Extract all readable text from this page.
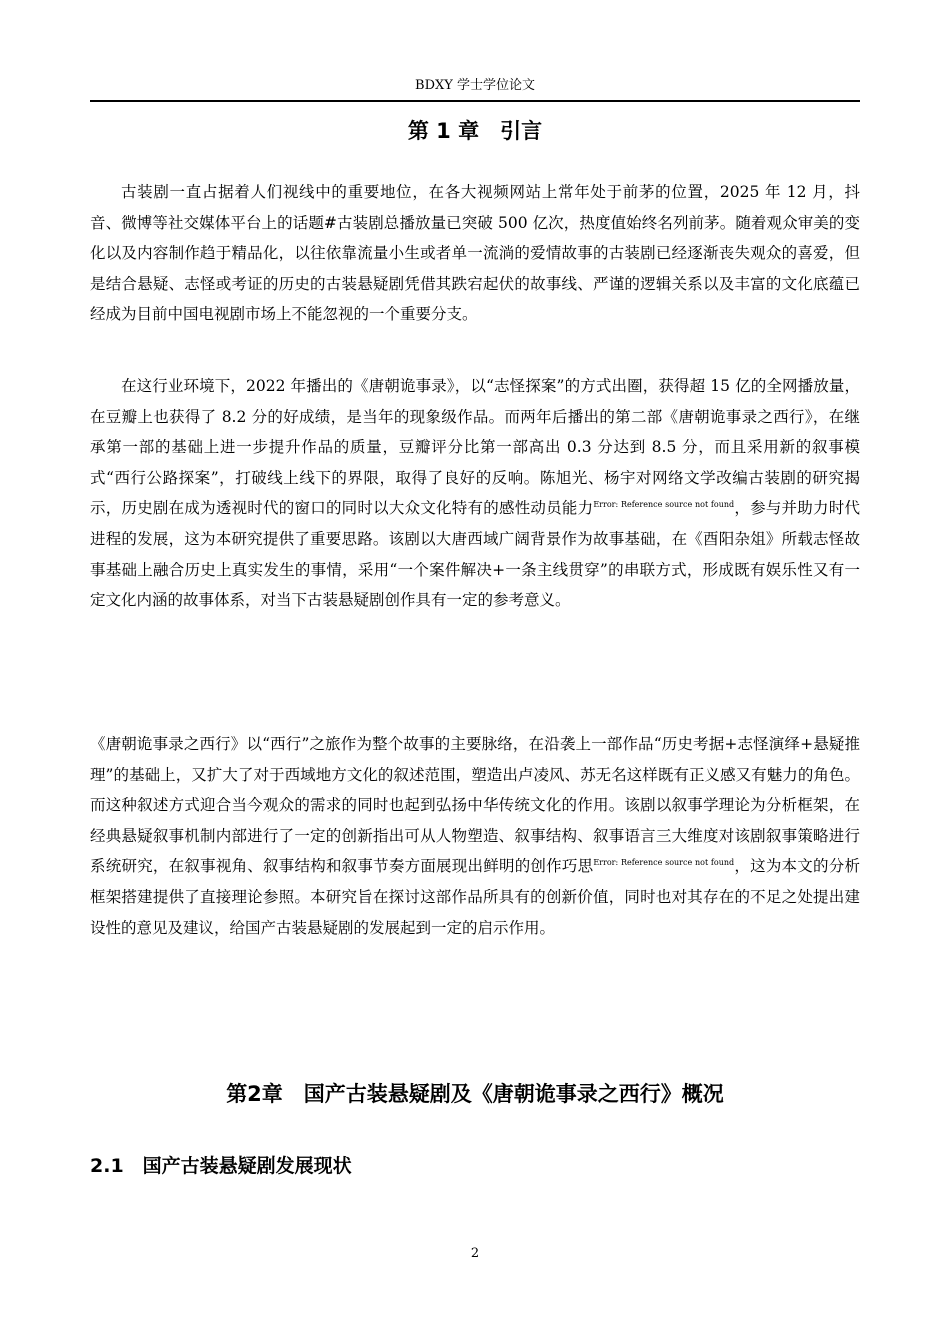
BDXY 学士学位论文
第 1 章　引言

古装剧一直占据着人们视线中的重要地位，在各大视频网站上常年处于前茅的位置，2025 年 12 月，抖音、微博等社交媒体平台上的话题#古装剧总播放量已突破 500 亿次，热度值始终名列前茅。随着观众审美的变化以及内容制作趋于精品化，以往依靠流量小生或者单一流淌的爱情故事的古装剧已经逐渐丧失观众的喜爱，但是结合悬疑、志怪或考证的历史的古装悬疑剧凭借其跌宕起伏的故事线、严谨的逻辑关系以及丰富的文化底蕴已经成为目前中国电视剧市场上不能忽视的一个重要分支。

在这行业环境下，2022 年播出的《唐朝诡事录》，以“志怪探案”的方式出圈，获得超 15 亿的全网播放量，在豆瓣上也获得了 8.2 分的好成绩，是当年的现象级作品。而两年后播出的第二部《唐朝诡事录之西行》，在继承第一部的基础上进一步提升作品的质量，豆瓣评分比第一部高出 0.3 分达到 8.5 分，而且采用新的叙事模式“西行公路探案”，打破线上线下的界限，取得了良好的反响。陈旭光、杨宇对网络文学改编古装剧的研究揭示，历史剧在成为透视时代的窗口的同时以大众文化特有的感性动员能力$^{Error: Reference source not found}$，参与并助力时代进程的发展，这为本研究提供了重要思路。该剧以大唐西域广阔背景作为故事基础，在《酉阳杂俎》所载志怪故事基础上融合历史上真实发生的事情，采用“一个案件解决+一条主线贯穿”的串联方式，形成既有娱乐性又有一定文化内涵的故事体系，对当下古装悬疑剧创作具有一定的参考意义。

《唐朝诡事录之西行》以“西行”之旅作为整个故事的主要脉络，在沿袭上一部作品“历史考据+志怪演绎+悬疑推理”的基础上，又扩大了对于西域地方文化的叙述范围，塑造出卢凌风、苏无名这样既有正义感又有魅力的角色。而这种叙述方式迎合当今观众的需求的同时也起到弘扬中华传统文化的作用。该剧以叙事学理论为分析框架，在经典悬疑叙事机制内部进行了一定的创新指出可从人物塑造、叙事结构、叙事语言三大维度对该剧叙事策略进行系统研究，在叙事视角、叙事结构和叙事节奏方面展现出鲜明的创作巧思$^{Error: Reference source not found}$，这为本文的分析框架搭建提供了直接理论参照。本研究旨在探讨这部作品所具有的创新价值，同时也对其存在的不足之处提出建设性的意见及建议，给国产古装悬疑剧的发展起到一定的启示作用。

第2章　国产古装悬疑剧及《唐朝诡事录之西行》概况
2.1　国产古装悬疑剧发展现状
2
